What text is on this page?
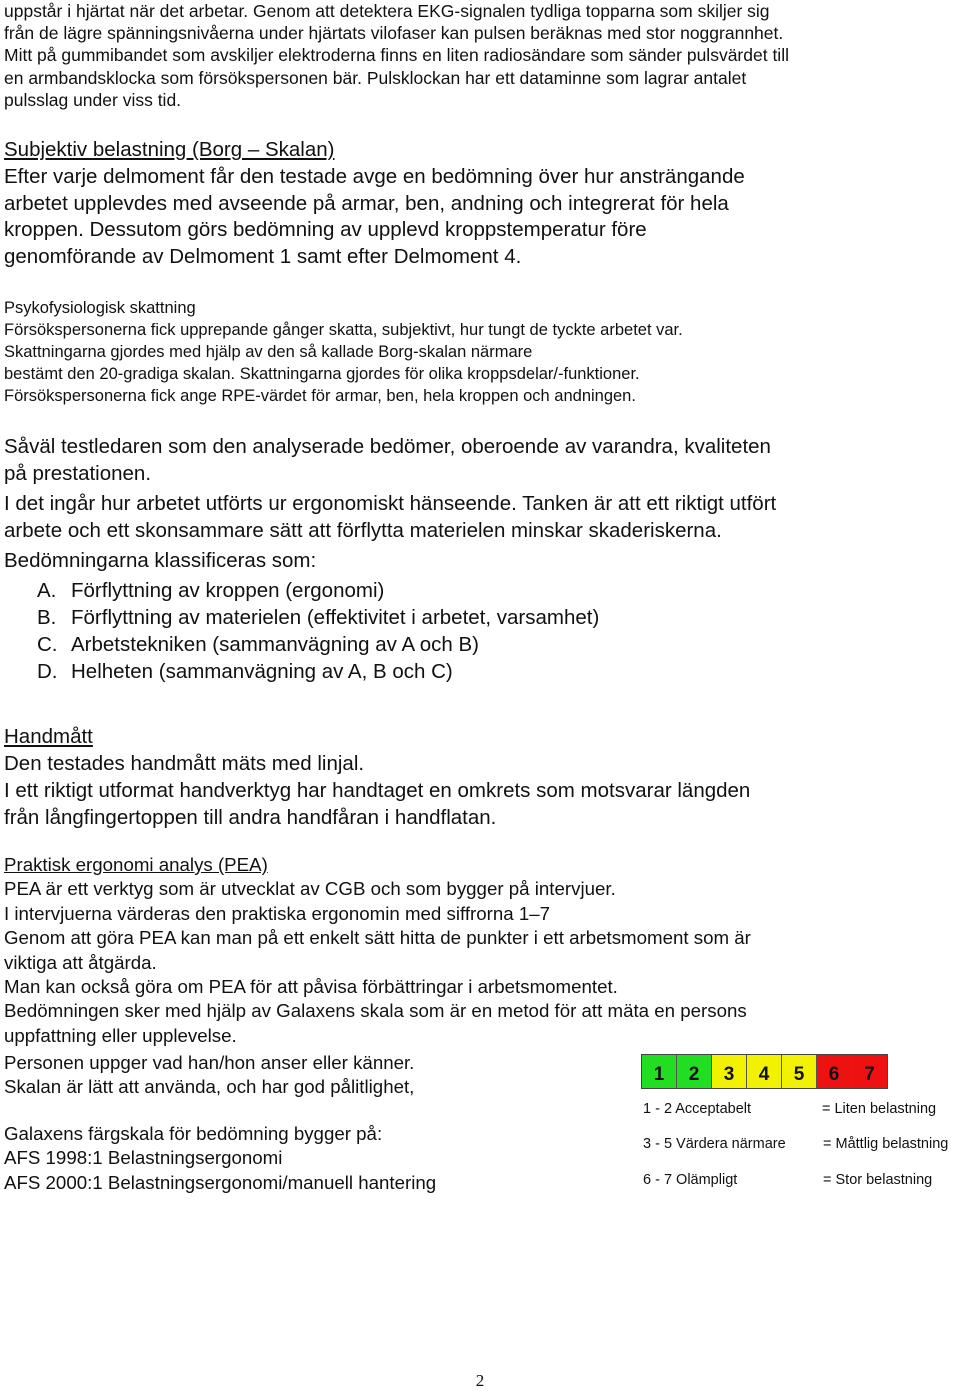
uppstår i hjärtat när det arbetar. Genom att detektera EKG-signalen tydliga topparna som skiljer sig
från de lägre spänningsnivåerna under hjärtats vilofaser kan pulsen beräknas med stor noggrannhet.
Mitt på gummibandet som avskiljer elektroderna finns en liten radiosändare som sänder pulsvärdet till
en armbandsklocka som försökspersonen bär. Pulsklockan har ett dataminne som lagrar antalet
pulsslag under viss tid.
Subjektiv belastning (Borg – Skalan)
Efter varje delmoment får den testade avge en bedömning över hur ansträngande
arbetet upplevdes med avseende på armar, ben, andning och integrerat för hela
kroppen. Dessutom görs bedömning av upplevd kroppstemperatur före
genomförande av Delmoment 1 samt efter Delmoment 4.
Psykofysiologisk skattning
Försökspersonerna fick upprepande gånger skatta, subjektivt, hur tungt de tyckte arbetet var.
Skattningarna gjordes med hjälp av den så kallade Borg-skalan närmare
bestämt den 20-gradiga skalan. Skattningarna gjordes för olika kroppsdelar/-funktioner.
Försökspersonerna fick ange RPE-värdet för armar, ben, hela kroppen och andningen.
Såväl testledaren som den analyserade bedömer, oberoende av varandra, kvaliteten
på prestationen.
I det ingår hur arbetet utförts ur ergonomiskt hänseende. Tanken är att ett riktigt utfört
arbete och ett skonsammare sätt att förflytta materielen minskar skaderiskerna.
Bedömningarna klassificeras som:
A. Förflyttning av kroppen (ergonomi)
B. Förflyttning av materielen (effektivitet i arbetet, varsamhet)
C. Arbetstekniken (sammanvägning av A och B)
D. Helheten (sammanvägning av A, B och C)
Handmått
Den testades handmått mäts med linjal.
I ett riktigt utformat handverktyg har handtaget en omkrets som motsvarar längden
från långfingertoppen till andra handfåran i handflatan.
Praktisk ergonomi analys (PEA)
PEA är ett verktyg som är utvecklat av CGB och som bygger på intervjuer.
I intervjuerna värderas den praktiska ergonomin med siffrorna 1–7
Genom att göra PEA kan man på ett enkelt sätt hitta de punkter i ett arbetsmoment som är
viktiga att åtgärda.
Man kan också göra om PEA för att påvisa förbättringar i arbetsmomentet.
Bedömningen sker med hjälp av Galaxens skala som är en metod för att mäta en persons
uppfattning eller upplevelse.
Personen uppger vad han/hon anser eller känner.
Skalan är lätt att använda, och har god pålitlighet,
Galaxens färgskala för bedömning bygger på:
AFS 1998:1 Belastningsergonomi
AFS 2000:1 Belastningsergonomi/manuell hantering
1	2	3	4	5	6	7
1 - 2 Acceptabelt	= Liten belastning
3 - 5 Värdera närmare	= Måttlig belastning
6 - 7 Olämpligt	= Stor belastning
2
